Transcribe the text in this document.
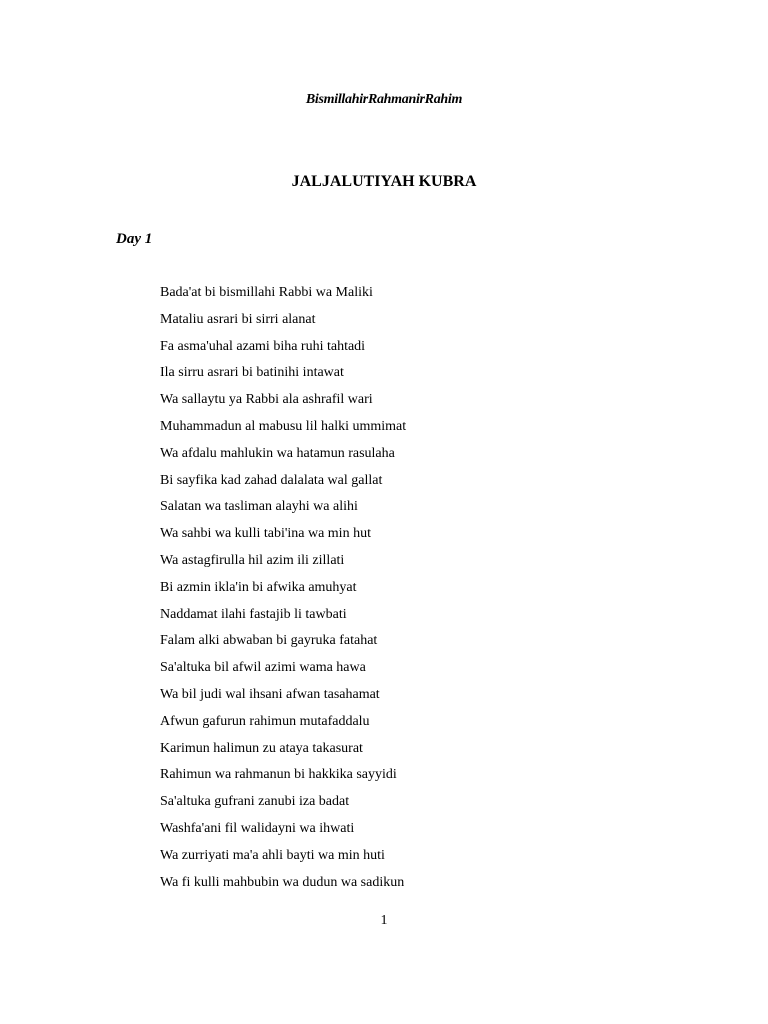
BismillahirRahmanirRahim
JALJALUTIYAH KUBRA
Day 1
Bada'at bi bismillahi Rabbi wa Maliki
Mataliu asrari bi sirri alanat
Fa asma'uhal azami biha ruhi tahtadi
Ila sirru asrari bi batinihi intawat
Wa sallaytu ya Rabbi ala ashrafil wari
Muhammadun al mabusu lil halki ummimat
Wa afdalu mahlukin wa hatamun rasulaha
Bi sayfika kad zahad dalalata wal gallat
Salatan wa tasliman alayhi wa alihi
Wa sahbi wa kulli tabi'ina wa min hut
Wa astagfirulla hil azim ili zillati
Bi azmin ikla'in bi afwika amuhyat
Naddamat ilahi fastajib li tawbati
Falam alki abwaban bi gayruka fatahat
Sa'altuka bil afwil azimi wama hawa
Wa bil judi wal ihsani afwan tasahamat
Afwun gafurun rahimun mutafaddalu
Karimun halimun zu ataya takasurat
Rahimun wa rahmanun bi hakkika sayyidi
Sa'altuka gufrani zanubi iza badat
Washfa'ani fil walidayni wa ihwati
Wa zurriyati ma'a ahli bayti wa min huti
Wa fi kulli mahbubin wa dudun wa sadikun
1
